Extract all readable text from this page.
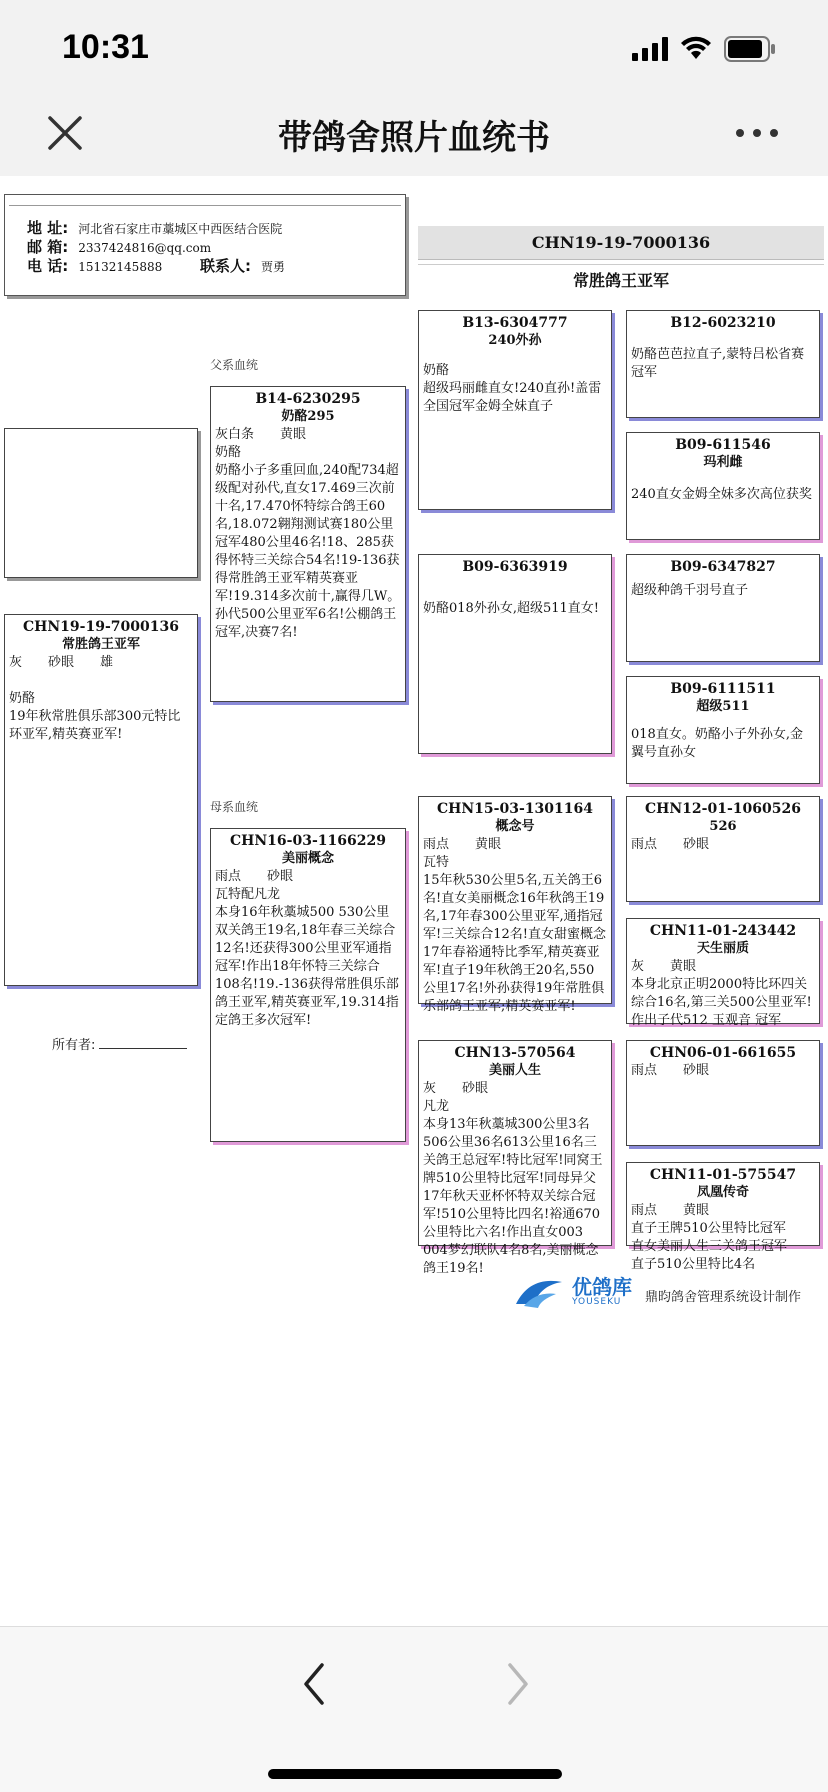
10:31
带鸽舍照片血统书
地 址: 河北省石家庄市藁城区中西医结合医院
邮 箱: 2337424816@qq.com
电 话: 15132145888	联系人: 贾勇
CHN19-19-7000136
常胜鸽王亚军
父系血统
母系血统
CHN19-19-7000136
常胜鸽王亚军
灰 砂眼 雄
奶酪
19年秋常胜俱乐部300元特比环亚军,精英赛亚军!
所有者:
B14-6230295
奶酪295
灰白条 黄眼
奶酪
奶酪小子多重回血,240配734超级配对孙代,直女17.469三次前十名,17.470怀特综合鸽王60名,18.072翱翔测试赛180公里冠军480公里46名!18、285获得怀特三关综合54名!19-136获得常胜鸽王亚军精英赛亚军!19.314多次前十,赢得几W。孙代500公里亚军6名!公棚鸽王冠军,决赛7名!
CHN16-03-1166229
美丽概念
雨点 砂眼
瓦特配凡龙
本身16年秋藁城500 530公里双关鸽王19名,18年春三关综合12名!还获得300公里亚军通指冠军!作出18年怀特三关综合108名!19.-136获得常胜俱乐部鸽王亚军,精英赛亚军,19.314指定鸽王多次冠军!
B13-6304777
240外孙
奶酪
超级玛丽雌直女!240直孙!盖雷全国冠军金姆全妹直子
B09-6363919
奶酪018外孙女,超级511直女!
CHN15-03-1301164
概念号
雨点 黄眼
瓦特
15年秋530公里5名,五关鸽王6名!直女美丽概念16年秋鸽王19名,17年春300公里亚军,通指冠军!三关综合12名!直女甜蜜概念17年春裕通特比季军,精英赛亚军!直子19年秋鸽王20名,550公里17名!外孙获得19年常胜俱乐部鸽王亚军;精英赛亚军!
CHN13-570564
美丽人生
灰 砂眼
凡龙
本身13年秋藁城300公里3名506公里36名613公里16名三关鸽王总冠军!特比冠军!同窝王牌510公里特比冠军!同母异父17年秋天亚杯怀特双关综合冠军!510公里特比四名!裕通670公里特比六名!作出直女003 004梦幻联队4名8名,美丽概念鸽王19名!
B12-6023210
奶酪芭芭拉直子,蒙特吕松省赛冠军
B09-611546
玛利雌
240直女金姆全妹多次高位获奖
B09-6347827
超级种鸽千羽号直子
B09-6111511
超级511
018直女。奶酪小子外孙女,金翼号直孙女
CHN12-01-1060526
526
雨点 砂眼
CHN11-01-243442
天生丽质
灰 黄眼
本身北京正明2000特比环四关综合16名,第三关500公里亚军!作出子代512 玉观音 冠军
CHN06-01-661655
雨点 砂眼
CHN11-01-575547
凤凰传奇
雨点 黄眼
直子王牌510公里特比冠军
直女美丽人生三关鸽王冠军
直子510公里特比4名
优鸽库
YOUSEKU	鼎昀鸽舍管理系统设计制作
